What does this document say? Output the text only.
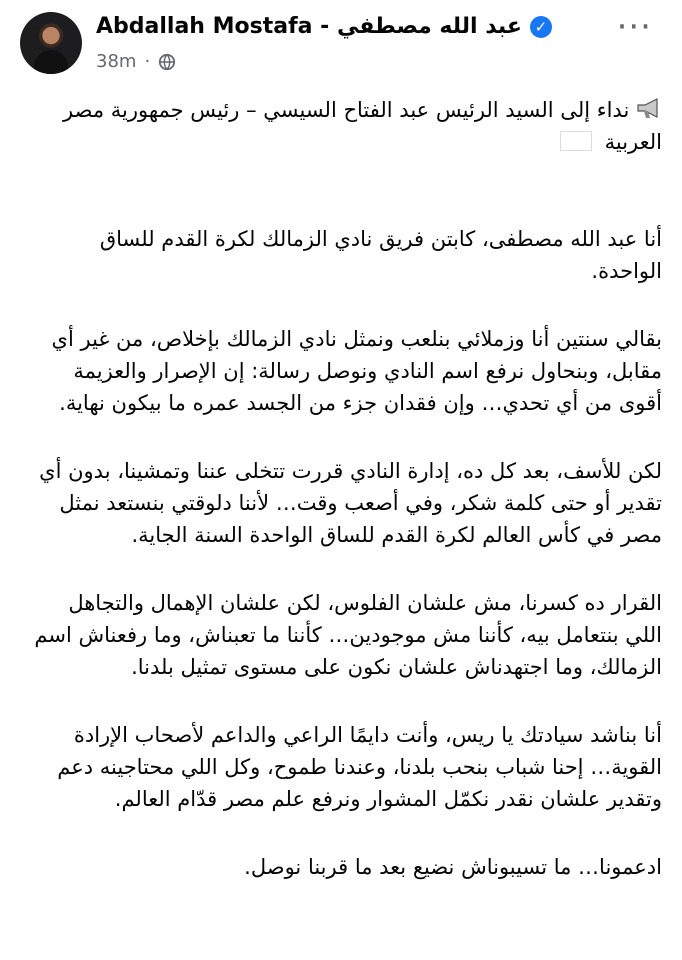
Abdallah Mostafa - عبد الله مصطفي ✓
38m ·
···

نداء إلى السيد الرئيس عبد الفتاح السيسي – رئيس جمهورية مصر العربية

أنا عبد الله مصطفى، كابتن فريق نادي الزمالك لكرة القدم للساق الواحدة.

بقالي سنتين أنا وزملائي بنلعب ونمثل نادي الزمالك بإخلاص، من غير أي مقابل، وبنحاول نرفع اسم النادي ونوصل رسالة: إن الإصرار والعزيمة أقوى من أي تحدي… وإن فقدان جزء من الجسد عمره ما بيكون نهاية.

لكن للأسف، بعد كل ده، إدارة النادي قررت تتخلى عننا وتمشينا، بدون أي تقدير أو حتى كلمة شكر، وفي أصعب وقت… لأننا دلوقتي بنستعد نمثل مصر في كأس العالم لكرة القدم للساق الواحدة السنة الجاية.

القرار ده كسرنا، مش علشان الفلوس، لكن علشان الإهمال والتجاهل اللي بنتعامل بيه، كأننا مش موجودين… كأننا ما تعبناش، وما رفعناش اسم الزمالك، وما اجتهدناش علشان نكون على مستوى تمثيل بلدنا.

أنا بناشد سيادتك يا ريس، وأنت دايمًا الراعي والداعم لأصحاب الإرادة القوية… إحنا شباب بنحب بلدنا، وعندنا طموح، وكل اللي محتاجينه دعم وتقدير علشان نقدر نكمّل المشوار ونرفع علم مصر قدّام العالم.

ادعمونا… ما تسيبوناش نضيع بعد ما قربنا نوصل.
